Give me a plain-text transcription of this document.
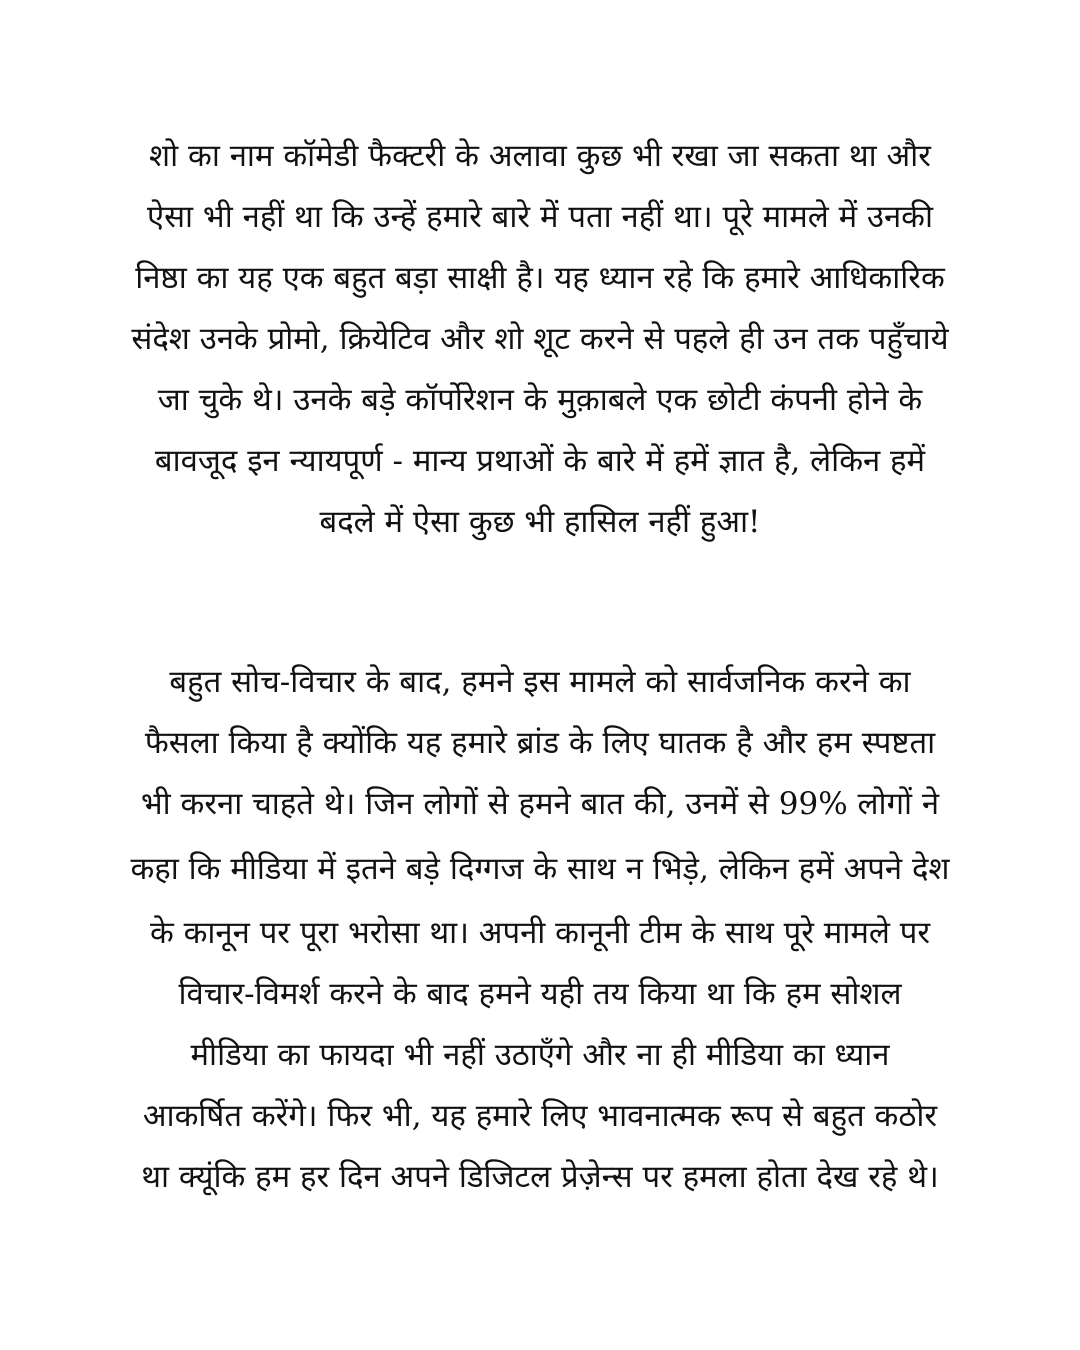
शो का नाम कॉमेडी फैक्टरी के अलावा कुछ भी रखा जा सकता था और
ऐसा भी नहीं था कि उन्हें हमारे बारे में पता नहीं था। पूरे मामले में उनकी
निष्ठा का यह एक बहुत बड़ा साक्षी है। यह ध्यान रहे कि हमारे आधिकारिक
संदेश उनके प्रोमो, क्रियेटिव और शो शूट करने से पहले ही उन तक पहुँचाये
जा चुके थे। उनके बड़े कॉर्पोरेशन के मुक़ाबले एक छोटी कंपनी होने के
बावजूद इन न्यायपूर्ण - मान्य प्रथाओं के बारे में हमें ज्ञात है, लेकिन हमें
बदले में ऐसा कुछ भी हासिल नहीं हुआ!

बहुत सोच-विचार के बाद, हमने इस मामले को सार्वजनिक करने का
फैसला किया है क्योंकि यह हमारे ब्रांड के लिए घातक है और हम स्पष्टता
भी करना चाहते थे। जिन लोगों से हमने बात की, उनमें से 99% लोगों ने
कहा कि मीडिया में इतने बड़े दिग्गज के साथ न भिड़े, लेकिन हमें अपने देश
के कानून पर पूरा भरोसा था। अपनी कानूनी टीम के साथ पूरे मामले पर
विचार-विमर्श करने के बाद हमने यही तय किया था कि हम सोशल
मीडिया का फायदा भी नहीं उठाएँगे और ना ही मीडिया का ध्यान
आकर्षित करेंगे। फिर भी, यह हमारे लिए भावनात्मक रूप से बहुत कठोर
था क्यूंकि हम हर दिन अपने डिजिटल प्रेज़ेन्स पर हमला होता देख रहे थे।
